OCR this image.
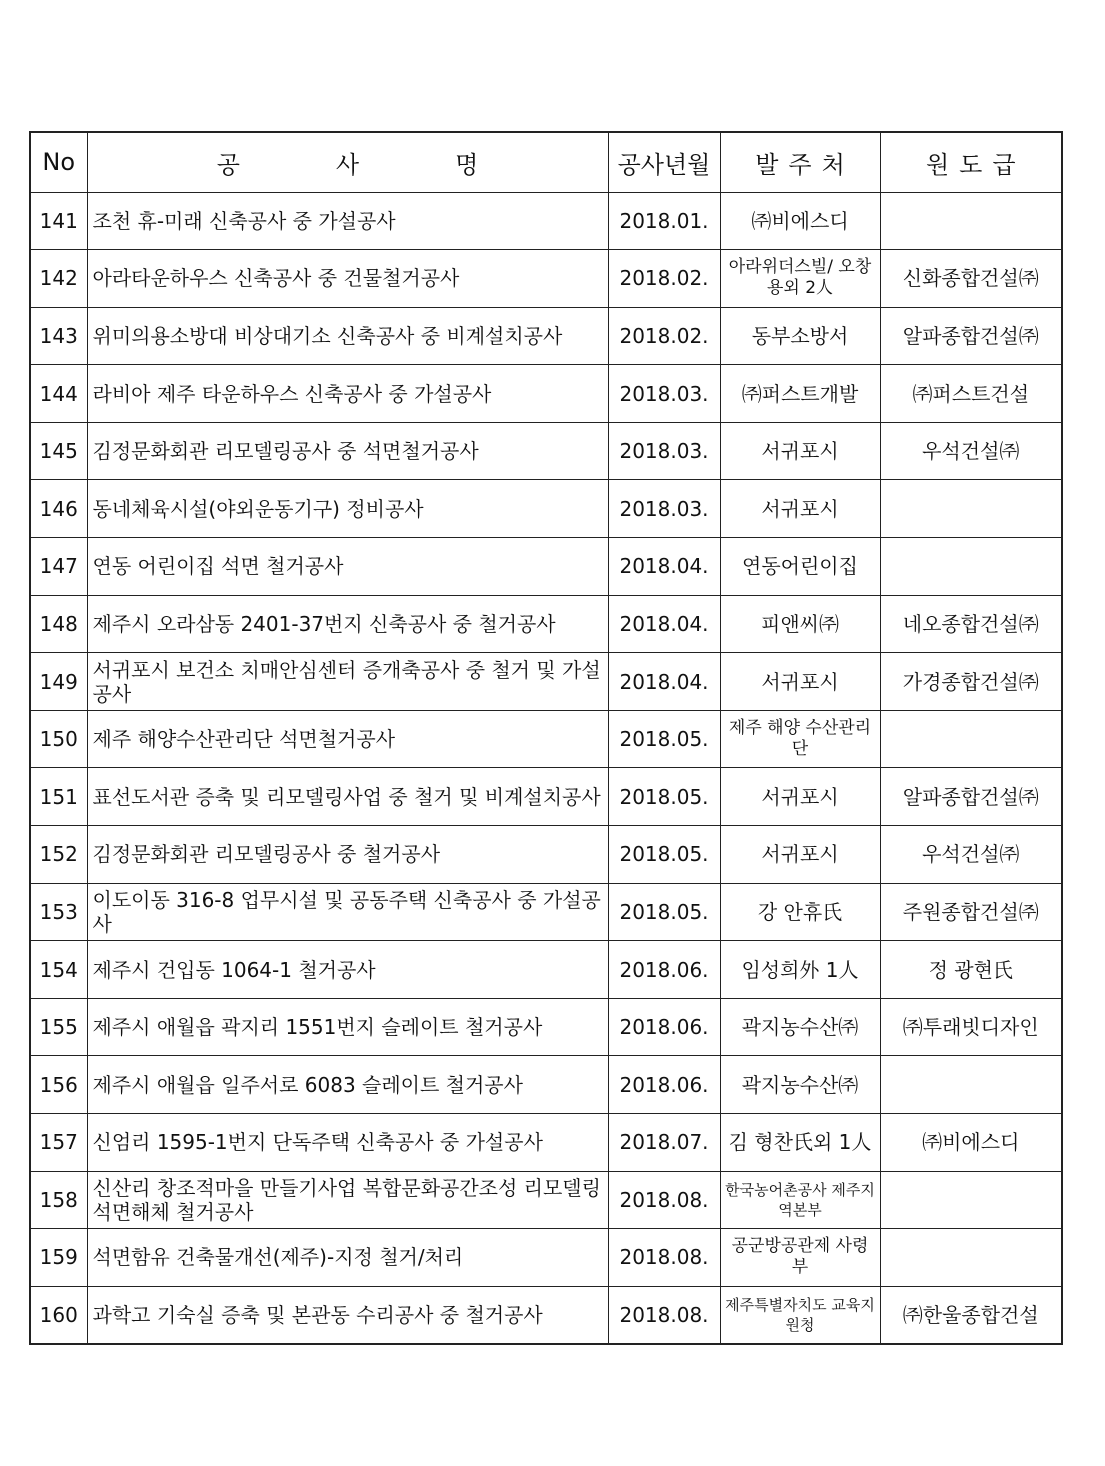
No	공 사 명	공사년월	발 주 처	원 도 급
141	조천 휴-미래 신축공사 중 가설공사	2018.01.	㈜비에스디	
142	아라타운하우스 신축공사 중 건물철거공사	2018.02.	아라위더스빌/ 오창용외 2人	신화종합건설㈜
143	위미의용소방대 비상대기소 신축공사 중 비계설치공사	2018.02.	동부소방서	알파종합건설㈜
144	라비아 제주 타운하우스 신축공사 중 가설공사	2018.03.	㈜퍼스트개발	㈜퍼스트건설
145	김정문화회관 리모델링공사 중 석면철거공사	2018.03.	서귀포시	우석건설㈜
146	동네체육시설(야외운동기구) 정비공사	2018.03.	서귀포시	
147	연동 어린이집 석면 철거공사	2018.04.	연동어린이집	
148	제주시 오라삼동 2401-37번지 신축공사 중 철거공사	2018.04.	피앤씨㈜	네오종합건설㈜
149	서귀포시 보건소 치매안심센터 증개축공사 중 철거 및 가설공사	2018.04.	서귀포시	가경종합건설㈜
150	제주 해양수산관리단 석면철거공사	2018.05.	제주 해양 수산관리단	
151	표선도서관 증축 및 리모델링사업 중 철거 및 비계설치공사	2018.05.	서귀포시	알파종합건설㈜
152	김정문화회관 리모델링공사 중 철거공사	2018.05.	서귀포시	우석건설㈜
153	이도이동 316-8 업무시설 및 공동주택 신축공사 중 가설공사	2018.05.	강 안휴氏	주원종합건설㈜
154	제주시 건입동 1064-1 철거공사	2018.06.	임성희外 1人	정 광현氏
155	제주시 애월읍 곽지리 1551번지 슬레이트 철거공사	2018.06.	곽지농수산㈜	㈜투래빗디자인
156	제주시 애월읍 일주서로 6083 슬레이트 철거공사	2018.06.	곽지농수산㈜	
157	신엄리 1595-1번지 단독주택 신축공사 중 가설공사	2018.07.	김 형찬氏외 1人	㈜비에스디
158	신산리 창조적마을 만들기사업 복합문화공간조성 리모델링 석면해체 철거공사	2018.08.	한국농어촌공사 제주지역본부	
159	석면함유 건축물개선(제주)-지정 철거/처리	2018.08.	공군방공관제 사령부	
160	과학고 기숙실 증축 및 본관동 수리공사 중 철거공사	2018.08.	제주특별자치도 교육지원청	㈜한울종합건설
